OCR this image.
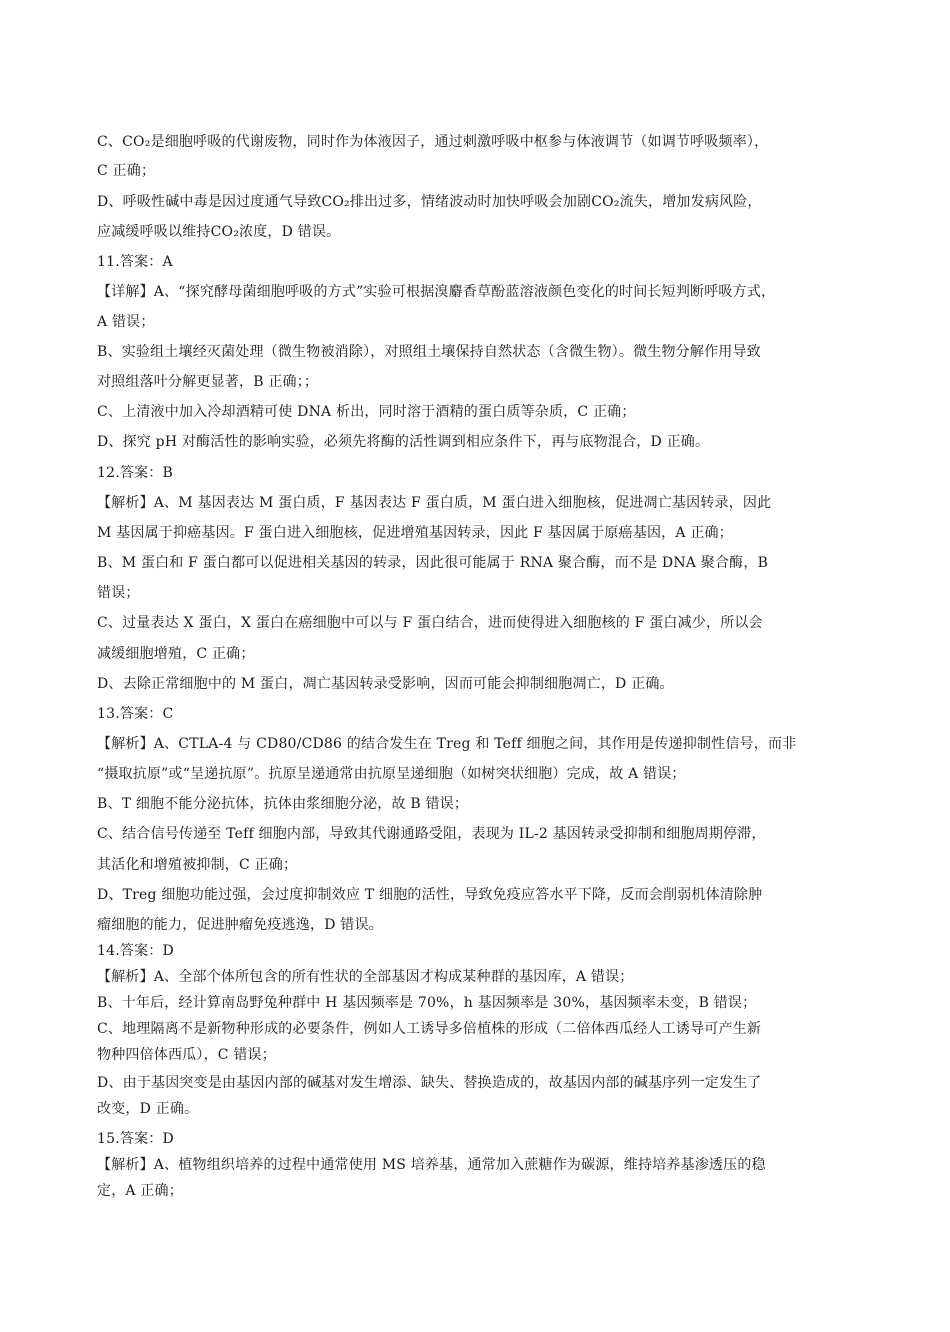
C、CO₂是细胞呼吸的代谢废物，同时作为体液因子，通过刺激呼吸中枢参与体液调节（如调节呼吸频率），
C 正确；
D、呼吸性碱中毒是因过度通气导致CO₂排出过多，情绪波动时加快呼吸会加剧CO₂流失，增加发病风险，
应减缓呼吸以维持CO₂浓度，D 错误。
11.答案：A
【详解】A、“探究酵母菌细胞呼吸的方式”实验可根据溴麝香草酚蓝溶液颜色变化的时间长短判断呼吸方式，
A 错误；
B、实验组土壤经灭菌处理（微生物被消除），对照组土壤保持自然状态（含微生物）。微生物分解作用导致
对照组落叶分解更显著，B 正确；；
C、上清液中加入冷却酒精可使 DNA 析出，同时溶于酒精的蛋白质等杂质，C 正确；
D、探究 pH 对酶活性的影响实验，必须先将酶的活性调到相应条件下，再与底物混合，D 正确。
12.答案：B
【解析】A、M 基因表达 M 蛋白质，F 基因表达 F 蛋白质，M 蛋白进入细胞核，促进凋亡基因转录，因此
M 基因属于抑癌基因。F 蛋白进入细胞核，促进增殖基因转录，因此 F 基因属于原癌基因，A 正确；
B、M 蛋白和 F 蛋白都可以促进相关基因的转录，因此很可能属于 RNA 聚合酶，而不是 DNA 聚合酶，B
错误；
C、过量表达 X 蛋白，X 蛋白在癌细胞中可以与 F 蛋白结合，进而使得进入细胞核的 F 蛋白减少，所以会
减缓细胞增殖，C 正确；
D、去除正常细胞中的 M 蛋白，凋亡基因转录受影响，因而可能会抑制细胞凋亡，D 正确。
13.答案：C
【解析】A、CTLA-4 与 CD80/CD86 的结合发生在 Treg 和 Teff 细胞之间，其作用是传递抑制性信号，而非
“摄取抗原”或“呈递抗原”。抗原呈递通常由抗原呈递细胞（如树突状细胞）完成，故 A 错误；
B、T 细胞不能分泌抗体，抗体由浆细胞分泌，故 B 错误；
C、结合信号传递至 Teff 细胞内部，导致其代谢通路受阻，表现为 IL-2 基因转录受抑制和细胞周期停滞，
其活化和增殖被抑制，C 正确；
D、Treg 细胞功能过强，会过度抑制效应 T 细胞的活性，导致免疫应答水平下降，反而会削弱机体清除肿
瘤细胞的能力，促进肿瘤免疫逃逸，D 错误。
14.答案：D
【解析】A、全部个体所包含的所有性状的全部基因才构成某种群的基因库，A 错误；
B、十年后，经计算南岛野兔种群中 H 基因频率是 70%，h 基因频率是 30%，基因频率未变，B 错误；
C、地理隔离不是新物种形成的必要条件，例如人工诱导多倍植株的形成（二倍体西瓜经人工诱导可产生新
物种四倍体西瓜），C 错误；
D、由于基因突变是由基因内部的碱基对发生增添、缺失、替换造成的，故基因内部的碱基序列一定发生了
改变，D 正确。
15.答案：D
【解析】A、植物组织培养的过程中通常使用 MS 培养基，通常加入蔗糖作为碳源，维持培养基渗透压的稳
定，A 正确；
